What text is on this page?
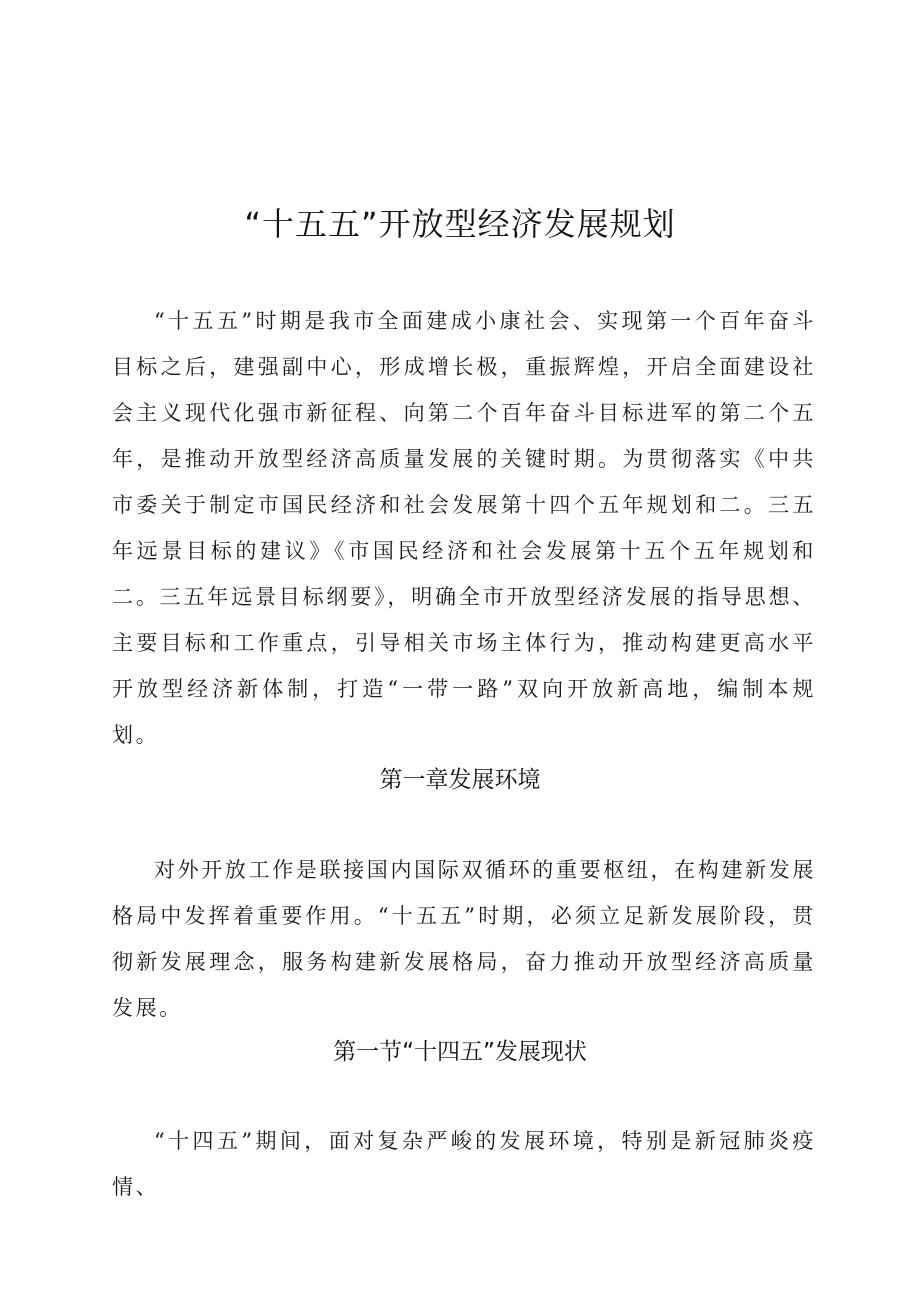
“十五五”开放型经济发展规划

“十五五”时期是我市全面建成小康社会、实现第一个百年奋斗目标之后，建强副中心，形成增长极，重振辉煌，开启全面建设社会主义现代化强市新征程、向第二个百年奋斗目标进军的第二个五年，是推动开放型经济高质量发展的关键时期。为贯彻落实《中共市委关于制定市国民经济和社会发展第十四个五年规划和二。三五年远景目标的建议》《市国民经济和社会发展第十五个五年规划和二。三五年远景目标纲要》，明确全市开放型经济发展的指导思想、主要目标和工作重点，引导相关市场主体行为，推动构建更高水平开放型经济新体制，打造“一带一路”双向开放新高地，编制本规划。

第一章发展环境

对外开放工作是联接国内国际双循环的重要枢纽，在构建新发展格局中发挥着重要作用。“十五五”时期，必须立足新发展阶段，贯彻新发展理念，服务构建新发展格局，奋力推动开放型经济高质量发展。

第一节“十四五”发展现状

“十四五”期间，面对复杂严峻的发展环境，特别是新冠肺炎疫情、
